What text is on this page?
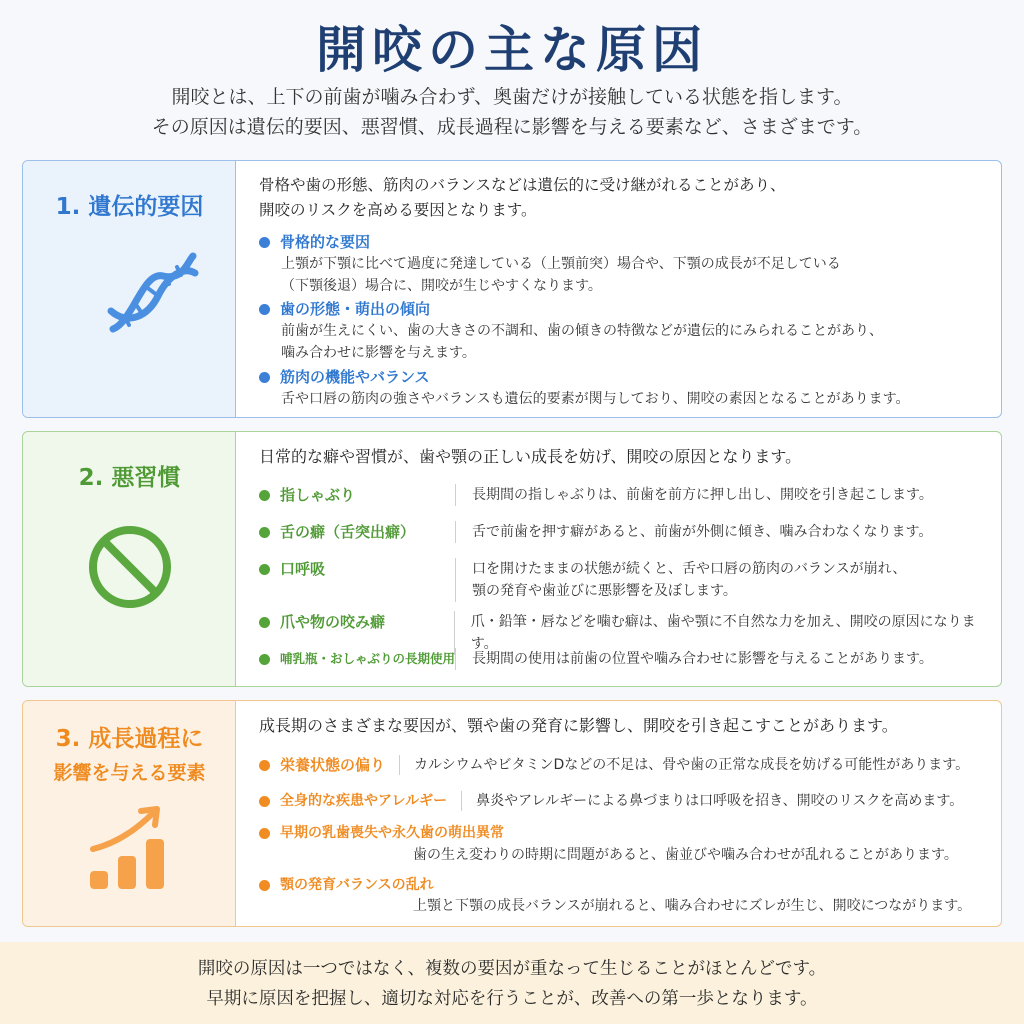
開咬の主な原因
開咬とは、上下の前歯が噛み合わず、奥歯だけが接触している状態を指します。
その原因は遺伝的要因、悪習慣、成長過程に影響を与える要素など、さまざまです。
1. 遺伝的要因
骨格や歯の形態、筋肉のバランスなどは遺伝的に受け継がれることがあり、
開咬のリスクを高める要因となります。
骨格的な要因
上顎が下顎に比べて過度に発達している（上顎前突）場合や、下顎の成長が不足している
（下顎後退）場合に、開咬が生じやすくなります。
歯の形態・萌出の傾向
前歯が生えにくい、歯の大きさの不調和、歯の傾きの特徴などが遺伝的にみられることがあり、
噛み合わせに影響を与えます。
筋肉の機能やバランス
舌や口唇の筋肉の強さやバランスも遺伝的要素が関与しており、開咬の素因となることがあります。
2. 悪習慣
日常的な癖や習慣が、歯や顎の正しい成長を妨げ、開咬の原因となります。
指しゃぶり	長期間の指しゃぶりは、前歯を前方に押し出し、開咬を引き起こします。
舌の癖（舌突出癖）	舌で前歯を押す癖があると、前歯が外側に傾き、噛み合わなくなります。
口呼吸	口を開けたままの状態が続くと、舌や口唇の筋肉のバランスが崩れ、
顎の発育や歯並びに悪影響を及ぼします。
爪や物の咬み癖	爪・鉛筆・唇などを噛む癖は、歯や顎に不自然な力を加え、開咬の原因になります。
哺乳瓶・おしゃぶりの長期使用 長期間の使用は前歯の位置や噛み合わせに影響を与えることがあります。
3. 成長過程に
影響を与える要素
成長期のさまざまな要因が、顎や歯の発育に影響し、開咬を引き起こすことがあります。
栄養状態の偏り カルシウムやビタミンDなどの不足は、骨や歯の正常な成長を妨げる可能性があります。
全身的な疾患やアレルギー 鼻炎やアレルギーによる鼻づまりは口呼吸を招き、開咬のリスクを高めます。
早期の乳歯喪失や永久歯の萌出異常
歯の生え変わりの時期に問題があると、歯並びや噛み合わせが乱れることがあります。
顎の発育バランスの乱れ
上顎と下顎の成長バランスが崩れると、噛み合わせにズレが生じ、開咬につながります。
開咬の原因は一つではなく、複数の要因が重なって生じることがほとんどです。
早期に原因を把握し、適切な対応を行うことが、改善への第一歩となります。
